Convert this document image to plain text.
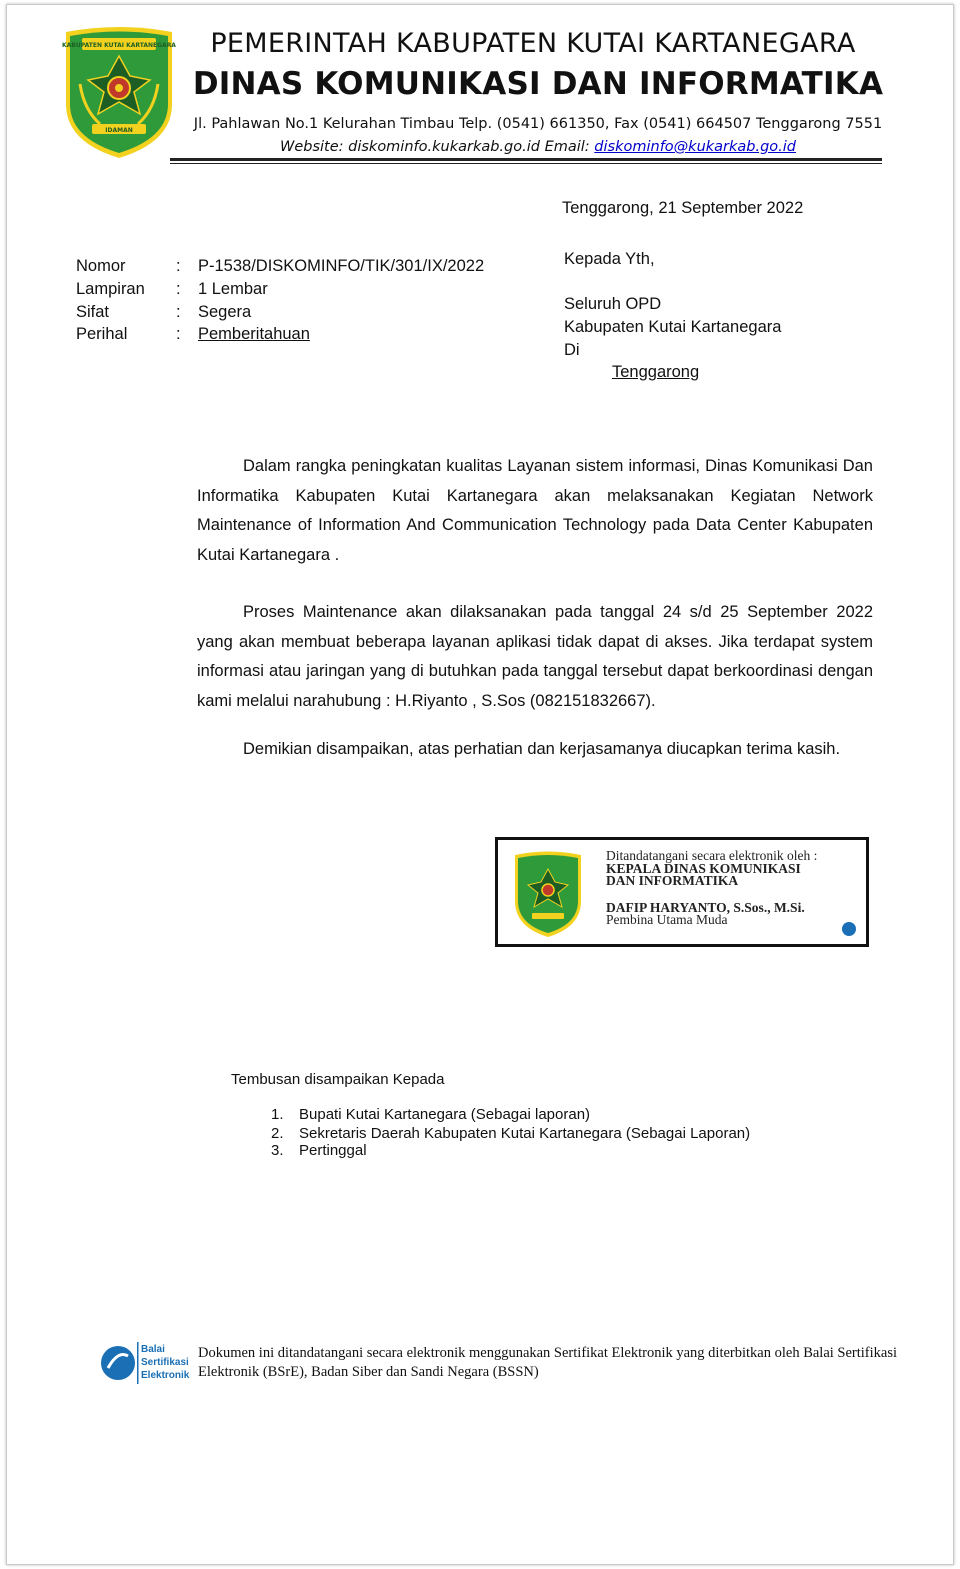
KABUPATEN KUTAI KARTANEGARA
IDAMAN
PEMERINTAH KABUPATEN KUTAI KARTANEGARA
DINAS KOMUNIKASI DAN INFORMATIKA
Jl. Pahlawan No.1 Kelurahan Timbau Telp. (0541) 661350, Fax (0541) 664507 Tenggarong 7551
Website: diskominfo.kukarkab.go.id Email: diskominfo@kukarkab.go.id
Tenggarong, 21 September 2022
Nomor	: P-1538/DISKOMINFO/TIK/301/IX/2022
Lampiran : 1 Lembar
Sifat	: Segera
Perihal	: Pemberitahuan
Kepada Yth,
Seluruh OPD
Kabupaten Kutai Kartanegara
Di
Tenggarong
Dalam rangka peningkatan kualitas Layanan sistem informasi, Dinas Komunikasi Dan Informatika Kabupaten Kutai Kartanegara akan melaksanakan Kegiatan Network Maintenance of Information And Communication Technology pada Data Center Kabupaten Kutai Kartanegara .
Proses Maintenance akan dilaksanakan pada tanggal 24 s/d 25 September 2022 yang akan membuat beberapa layanan aplikasi tidak dapat di akses. Jika terdapat system informasi atau jaringan yang di butuhkan pada tanggal tersebut dapat berkoordinasi dengan kami melalui narahubung : H.Riyanto , S.Sos (082151832667).
Demikian disampaikan, atas perhatian dan kerjasamanya diucapkan terima kasih.
Ditandatangani secara elektronik oleh :
KEPALA DINAS KOMUNIKASI
DAN INFORMATIKA
DAFIP HARYANTO, S.Sos., M.Si.
Pembina Utama Muda
Tembusan disampaikan Kepada
1. Bupati Kutai Kartanegara (Sebagai laporan)
2. Sekretaris Daerah Kabupaten Kutai Kartanegara (Sebagai Laporan)
3. Pertinggal
Balai
Sertifikasi
Elektronik
Dokumen ini ditandatangani secara elektronik menggunakan Sertifikat Elektronik yang diterbitkan oleh Balai Sertifikasi Elektronik (BSrE), Badan Siber dan Sandi Negara (BSSN)
